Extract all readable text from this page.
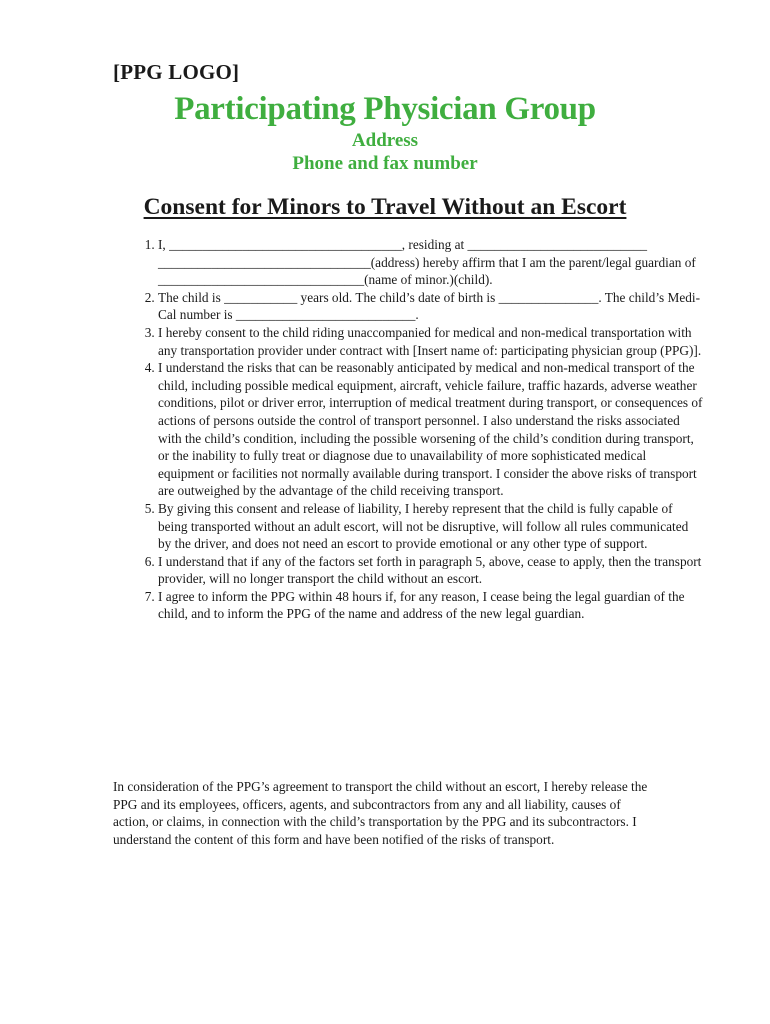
[PPG LOGO]
Participating Physician Group
Address
Phone and fax number
Consent for Minors to Travel Without an Escort
1. I, ___________________________________, residing at ___________________________ ________________________________(address) hereby affirm that I am the parent/legal guardian of _______________________________(name of minor.)(child).
2. The child is ___________ years old. The child’s date of birth is _______________. The child’s Medi-Cal number is ___________________________.
3. I hereby consent to the child riding unaccompanied for medical and non-medical transportation with any transportation provider under contract with [Insert name of: participating physician group (PPG)].
4. I understand the risks that can be reasonably anticipated by medical and non-medical transport of the child, including possible medical equipment, aircraft, vehicle failure, traffic hazards, adverse weather conditions, pilot or driver error, interruption of medical treatment during transport, or consequences of actions of persons outside the control of transport personnel. I also understand the risks associated with the child’s condition, including the possible worsening of the child’s condition during transport, or the inability to fully treat or diagnose due to unavailability of more sophisticated medical equipment or facilities not normally available during transport. I consider the above risks of transport are outweighed by the advantage of the child receiving transport.
5. By giving this consent and release of liability, I hereby represent that the child is fully capable of being transported without an adult escort, will not be disruptive, will follow all rules communicated by the driver, and does not need an escort to provide emotional or any other type of support.
6. I understand that if any of the factors set forth in paragraph 5, above, cease to apply, then the transport provider, will no longer transport the child without an escort.
7. I agree to inform the PPG within 48 hours if, for any reason, I cease being the legal guardian of the child, and to inform the PPG of the name and address of the new legal guardian.

In consideration of the PPG’s agreement to transport the child without an escort, I hereby release the PPG and its employees, officers, agents, and subcontractors from any and all liability, causes of action, or claims, in connection with the child’s transportation by the PPG and its subcontractors. I understand the content of this form and have been notified of the risks of transport.
